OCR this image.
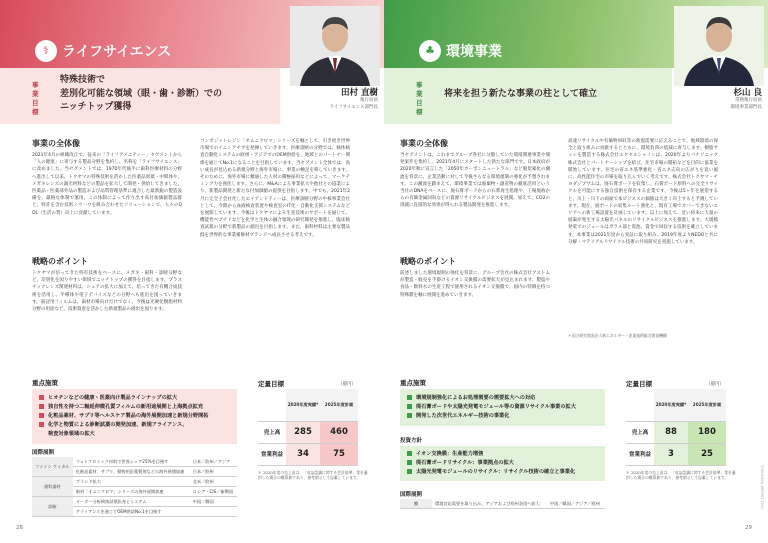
⚕ ライフサイエンス
事業目標
特殊技術で
差別化可能な領域（眼・歯・診断）での
ニッチトップ獲得
田村 直樹
執行役員
ライフサイエンス部門長
事業の全体像
2021年4月の組織改正で、従来の「ライフアメニティー」セグメントから「人の健康」に寄与する製品分野を集約し、名称を「ライフサイエンス」に改めました。当セグメントでは、1970年代後半に歯科医療材料の分野へ進出して以来、トクヤマの特殊技術を活かした医薬品原薬・中間体や、メガネレンズの調光材料などの製品を拡大して開発・供給してきました。医薬品・医薬部外品の製造および品質管理基準に適合した最新鋭の製造設備を、厳格な体制で運用。この体制によって作り出す高付加価値製品群と、特許を含む技術ノウハウを組み合わせたソリューションで、人々のQOL（生活の質）向上に貢献しています。
戦略のポイント
トクヤマが培ってきた特有技術をベースに、メガネ・歯科・診断分野など、差別化を図りやすい領域でニッチトップの獲得を目指します。プラスチックレンズ関連材料は、シェアの拡大に加えて、培ってきた有機合成技術を活用し、半導体や電子デバイスなどの分野へも進出を図っていきます。歯冠用フィルムは、歯材市場向けだけでなく、今後は光硬化樹脂材料分野の用途など、技術資産を活かした新規製品の創出を図ります。
コンポジットレジン「オムニクロマ」シリーズを軸として、引き続き世界市場でのイニシアチブを発揮していきます。医療診断の分野では、検体検査自動化システムの欧州・アジアでのOEM供給を、地域とのパートナー関係を通じてNo.1になることを目指しています。当セグメント全体では、高い成長が見込める新規分野と海外市場に、事業の軸足を移していきます。そのために、海外市場に精通した人材の積極採用などによって、マーケティング力を強化します。さらに、M&Aによる事業拡大や他社との協業により、新製品開発と新たな付加価値の提供を目指します。中でも、2021年2月に完全子会社化したエイアンドティーは、医療診断分野の中核事業会社として、今期から血液検査装置や検査室のIT化・自動化支援システムなどを展開しています。今後はトクヤマによる生産技術のサポートを通じて、機能性ペプチドなどを化学と生体の融合領域の研究開発を推進し、臨床検査試薬の分野で新製品の創出を目指します。また、歯科材料は主要な製品群を世界的な事業補修材ブランドへ成長させる考えです。
重点施策
ヒオチンなどの健康・医薬向け製品ラインナップの拡大
独自性を持つ二軸延伸微孔質フィルムの新用途展開と上海拠点拡充
化粧品素材、サプリ等ヘルスケア製品の海外展開加速と新規分野開拓
化学と物質による診断試薬の開発加速、新規アライアンス、
検査対象領域の拡大
国際展開
ファイン ケミカル	フォトクロミック材料で世界シェア25%を目指す	日本／欧州／アジア
	化粧品素材、サプリ、動物用医薬製剤などの海外展開加速	日本／欧州
歯科器材	ブランド拡大	北米／欧州
	歯材「オムニクロマ」シリーズの海外展開加速	ロシア・CIS／新興国
診断	オーダー分析検体試薬拡充とシステム	中国／韓国
	アライアンスを通じてOEM供給No.1を目指す	
定量目標	（億円）
	2020年度実績*	2025年度計画
売上高	285	460
営業利益	34	75
＊ 2020年度の売上高は、「収益認識に関する会計基準」等を適用した場合の概算値であり、参考値として記載しています。
28
♣ 環境事業
事業目標
将来を担う新たな事業の柱として確立	杉山 良
常務執行役員
環境事業部門長
事業の全体像
当セグメントは、これまでグループ各社に分散していた環境関連事業や開発案件を集約し、2021年4月にスタートした新たな部門です。日本政府が2020年秋に宣言した「2050年カーボンニュートラル」など脱炭素化の潮流を背景に、企業活動に対して今後さらなる環境規制の強化が予想されます。この潮流を踏まえて、環境事業では廃棄物・副産物の徹底活用という当社のDNAをベースに、廃石膏ボードからの石膏再生処理や、工場廃液からの有価金属回収などの資源リサイクルビジネスを展開。加えて、CO2の削減に直接的な効果が得られる製品開発を推進します。
戦略のポイント
前述しました環境規制の強化を背景に、グループ会社の株式会社アストムが製造・販売を手掛けるイオン交換膜の需要拡大が見込まれます。製塩や食品・飲料水の生産工程で使用されるイオン交換膜で、国内の特徴を持つ特殊膜を軸に展開を進めていきます。
高速リサイクルや有価物回収等の新規需要に応えることで、地域環境の保全と取り組みに貢献するとともに、環境負荷の低減に寄与します。樹脂サッシを製造する株式会社エクセルシャノンは、2020年よりパナソニック株式会社とパートナーシップを結び、住宅市場の開拓などを目的に協業を開始しています。住宅の省エネ基準強化・省エネ志向の広がりを追い風に、高性能住宅の市場を取り込んでいく考えです。株式会社トクヤマ・チヨダジプサムは、廃石膏ボードを収集し、石膏ボード原料への完全リサイクルを可能にする独自技術を保有する企業です。今後は5ヶ年を展望すると、川上・川下の両面で本ビジネスの価値は大きく向上すると予測しています。現在、廃ボードの収集ルート強化と、現有工場でカバーできないエリアへの新工場設置を計画しています。以上に加えて、近い将来に大量の廃棄が発生する太陽光パネルのリサイクルビジネスを推進します。大規模発電でのジュールはガラス部と電池、資金で回収する技術を確立しています。本事業は2021年度から実証に取り組み、2019年度よりNEDOと共に分解・マテリアルリサイクル技術の共同研究を実施しています。
＊国立研究開発法人新エネルギー・産業技術総合開発機構
重点施策
環境規制強化によるお処理需要の需要拡大への対応
廃石膏ボードや太陽光発電モジュール等の資源リサイクル事業の拡大
開発した次世代エネルギー技術の事業化
投資方針
イオン交換膜：生産能力増強
廃石膏ボードリサイクル：事業拠点の拡大
太陽光発電モジュールのリサイクル：リサイクル技術の確立と事業化
国際展開
膜	環境対応需要を取り込み、アジアおよび欧州各国へ拡大	中国／韓国／アジア／欧州
定量目標	（億円）
	2020年度実績*	2025年度計画
売上高	88	180
営業利益	3	25
＊ 2020年度の売上高は、「収益認識に関する会計基準」等を適用した場合の概算値であり、参考値として記載しています。	TOKUYAMA REPORT 2021
29
